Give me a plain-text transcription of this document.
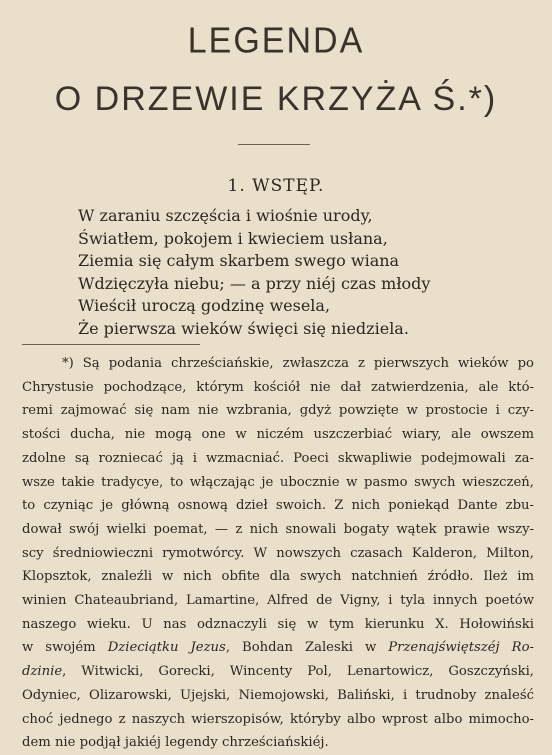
LEGENDA
O DRZEWIE KRZYŻA Ś.*)
1. WSTĘP.
W zaraniu szczęścia i wiośnie urody,
Światłem, pokojem i kwieciem usłana,
Ziemia się całym skarbem swego wiana
Wdzięczyła niebu; — a przy niéj czas młody
Wieścił uroczą godzinę wesela,
Że pierwsza wieków święci się niedziela.
*) Są podania chrześciańskie, zwłaszcza z pierwszych wieków po
Chrystusie pochodzące, którym kościół nie dał zatwierdzenia, ale któ-
remi zajmować się nam nie wzbrania, gdyż powzięte w prostocie i czy-
stości ducha, nie mogą one w niczém uszczerbiać wiary, ale owszem
zdolne są rozniecać ją i wzmacniać. Poeci skwapliwie podejmowali za-
wsze takie tradycye, to włączając je ubocznie w pasmo swych wieszczeń,
to czyniąc je główną osnową dzieł swoich. Z nich poniekąd Dante zbu-
dował swój wielki poemat, — z nich snowali bogaty wątek prawie wszy-
scy średniowieczni rymotwórcy. W nowszych czasach Kalderon, Milton,
Klopsztok, znaleźli w nich obfite dla swych natchnień źródło. Ileż im
winien Chateaubriand, Lamartine, Alfred de Vigny, i tyla innych poetów
naszego wieku. U nas odznaczyli się w tym kierunku X. Hołowiński
w swojém Dzieciątku Jezus, Bohdan Zaleski w Przenajświętszéj Ro-
dzinie, Witwicki, Gorecki, Wincenty Pol, Lenartowicz, Goszczyński,
Odyniec, Olizarowski, Ujejski, Niemojowski, Baliński, i trudnoby znaleść
choć jednego z naszych wierszopisów, któryby albo wprost albo mimocho-
dem nie podjął jakiéj legendy chrześciańskiéj.
